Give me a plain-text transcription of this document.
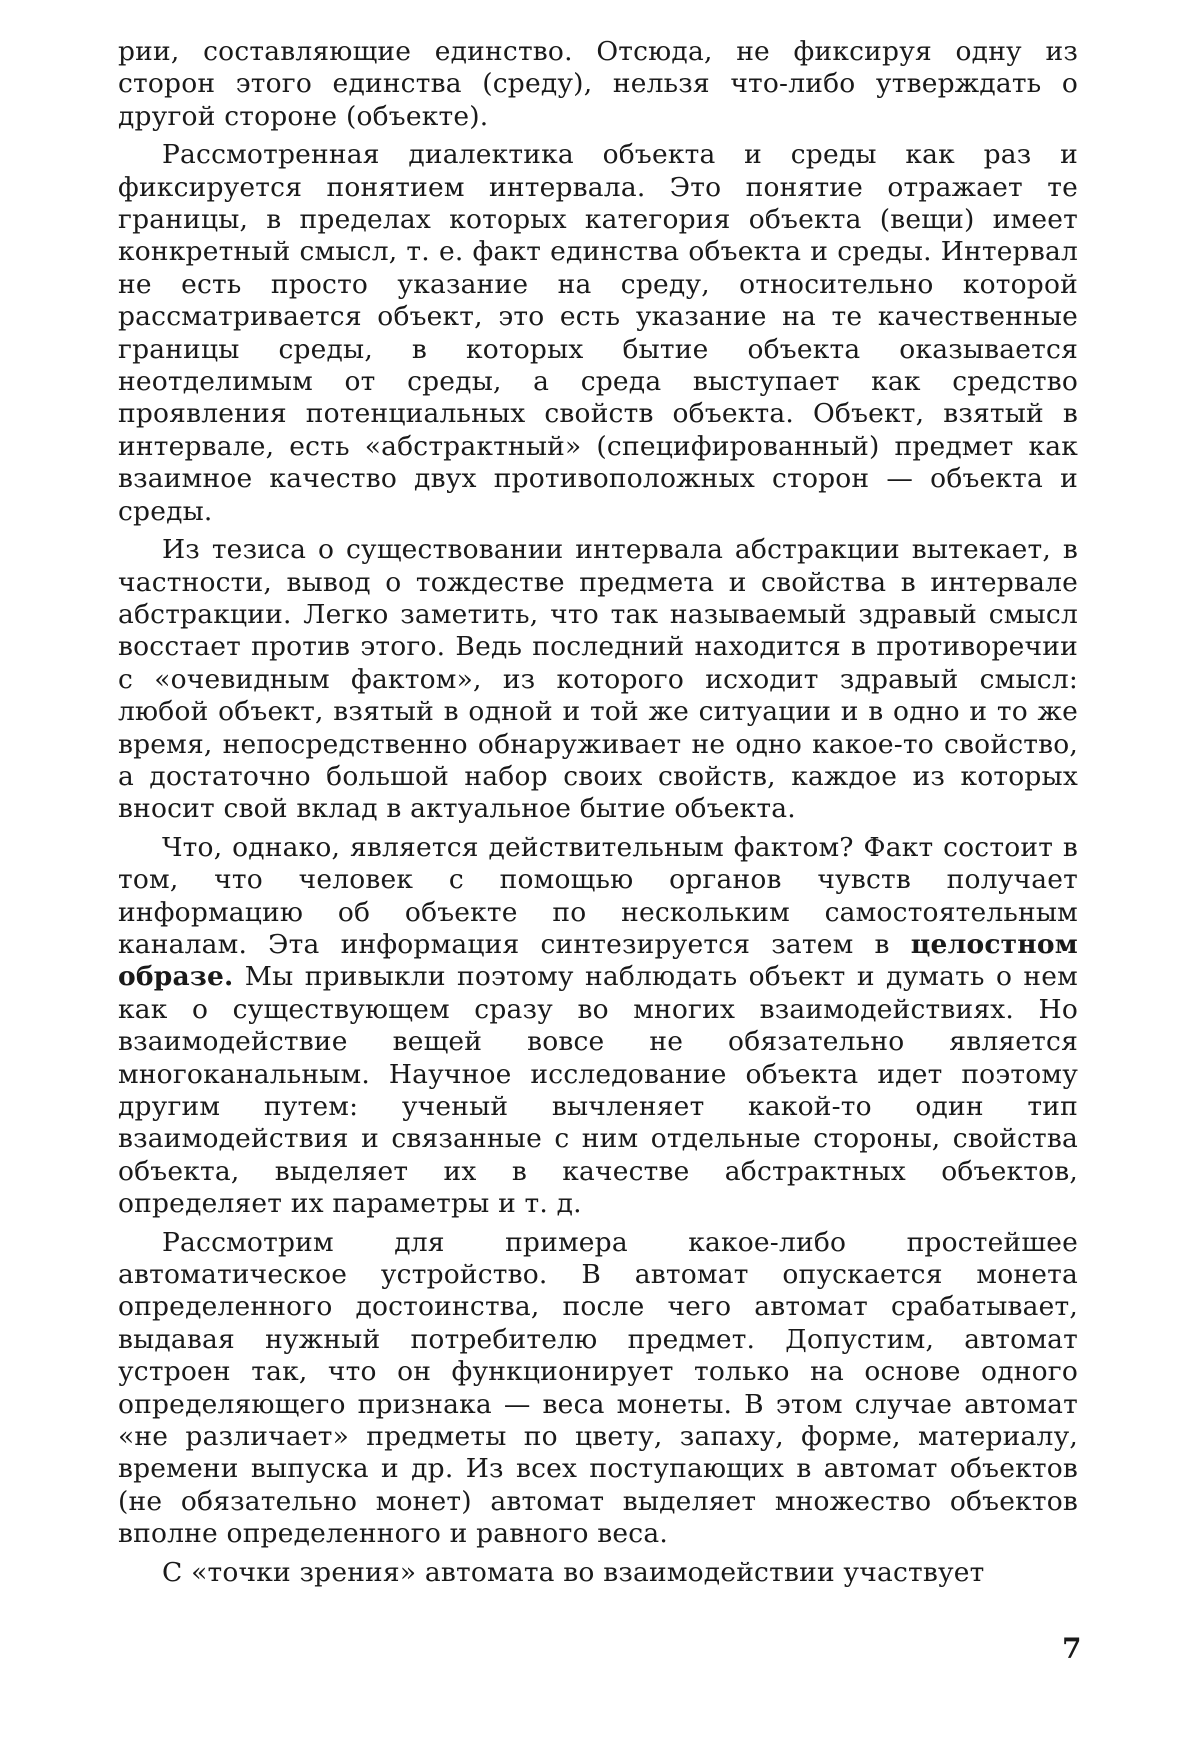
рии, составляющие единство. Отсюда, не фиксируя одну из сторон этого единства (среду), нельзя что-либо утверждать о другой стороне (объекте).

Рассмотренная диалектика объекта и среды как раз и фиксируется понятием интервала. Это понятие отражает те границы, в пределах которых категория объекта (вещи) имеет конкретный смысл, т. е. факт единства объекта и среды. Интервал не есть просто указание на среду, относительно которой рассматривается объект, это есть указание на те качественные границы среды, в которых бытие объекта оказывается неотделимым от среды, а среда выступает как средство проявления потенциальных свойств объекта. Объект, взятый в интервале, есть «абстрактный» (специфированный) предмет как взаимное качество двух противоположных сторон — объекта и среды.

Из тезиса о существовании интервала абстракции вытекает, в частности, вывод о тождестве предмета и свойства в интервале абстракции. Легко заметить, что так называемый здравый смысл восстает против этого. Ведь последний находится в противоречии с «очевидным фактом», из которого исходит здравый смысл: любой объект, взятый в одной и той же ситуации и в одно и то же время, непосредственно обнаруживает не одно какое-то свойство, а достаточно большой набор своих свойств, каждое из которых вносит свой вклад в актуальное бытие объекта.

Что, однако, является действительным фактом? Факт состоит в том, что человек с помощью органов чувств получает информацию об объекте по нескольким самостоятельным каналам. Эта информация синтезируется затем в целостном образе. Мы привыкли поэтому наблюдать объект и думать о нем как о существующем сразу во многих взаимодействиях. Но взаимодействие вещей вовсе не обязательно является многоканальным. Научное исследование объекта идет поэтому другим путем: ученый вычленяет какой-то один тип взаимодействия и связанные с ним отдельные стороны, свойства объекта, выделяет их в качестве абстрактных объектов, определяет их параметры и т. д.

Рассмотрим для примера какое-либо простейшее автоматическое устройство. В автомат опускается монета определенного достоинства, после чего автомат срабатывает, выдавая нужный потребителю предмет. Допустим, автомат устроен так, что он функционирует только на основе одного определяющего признака — веса монеты. В этом случае автомат «не различает» предметы по цвету, запаху, форме, материалу, времени выпуска и др. Из всех поступающих в автомат объектов (не обязательно монет) автомат выделяет множество объектов вполне определенного и равного веса.

С «точки зрения» автомата во взаимодействии участвует

7
